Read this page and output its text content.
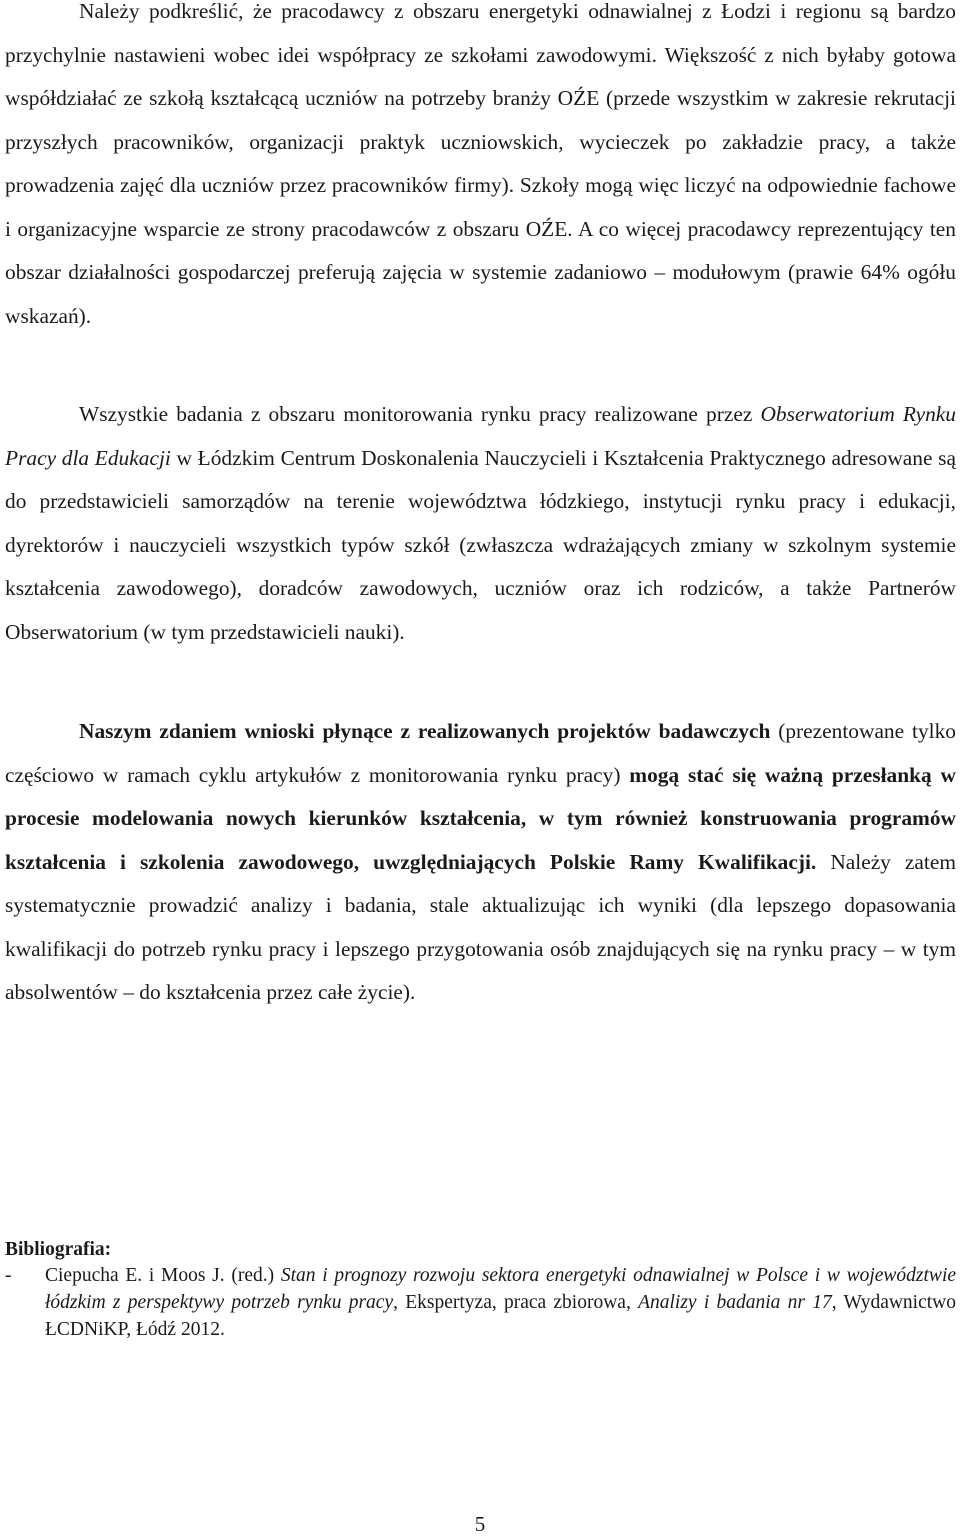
Należy podkreślić, że pracodawcy z obszaru energetyki odnawialnej z Łodzi i regionu są bardzo przychylnie nastawieni wobec idei współpracy ze szkołami zawodowymi. Większość z nich byłaby gotowa współdziałać ze szkołą kształcącą uczniów na potrzeby branży OŹE (przede wszystkim w zakresie rekrutacji przyszłych pracowników, organizacji praktyk uczniowskich, wycieczek po zakładzie pracy, a także prowadzenia zajęć dla uczniów przez pracowników firmy). Szkoły mogą więc liczyć na odpowiednie fachowe i organizacyjne wsparcie ze strony pracodawców z obszaru OŹE. A co więcej pracodawcy reprezentujący ten obszar działalności gospodarczej preferują zajęcia w systemie zadaniowo – modułowym (prawie 64% ogółu wskazań).

Wszystkie badania z obszaru monitorowania rynku pracy realizowane przez Obserwatorium Rynku Pracy dla Edukacji w Łódzkim Centrum Doskonalenia Nauczycieli i Kształcenia Praktycznego adresowane są do przedstawicieli samorządów na terenie województwa łódzkiego, instytucji rynku pracy i edukacji, dyrektorów i nauczycieli wszystkich typów szkół (zwłaszcza wdrażających zmiany w szkolnym systemie kształcenia zawodowego), doradców zawodowych, uczniów oraz ich rodziców, a także Partnerów Obserwatorium (w tym przedstawicieli nauki).

Naszym zdaniem wnioski płynące z realizowanych projektów badawczych (prezentowane tylko częściowo w ramach cyklu artykułów z monitorowania rynku pracy) mogą stać się ważną przesłanką w procesie modelowania nowych kierunków kształcenia, w tym również konstruowania programów kształcenia i szkolenia zawodowego, uwzględniających Polskie Ramy Kwalifikacji. Należy zatem systematycznie prowadzić analizy i badania, stale aktualizując ich wyniki (dla lepszego dopasowania kwalifikacji do potrzeb rynku pracy i lepszego przygotowania osób znajdujących się na rynku pracy – w tym absolwentów – do kształcenia przez całe życie).

Bibliografia:

- Ciepucha E. i Moos J. (red.) Stan i prognozy rozwoju sektora energetyki odnawialnej w Polsce i w województwie łódzkim z perspektywy potrzeb rynku pracy, Ekspertyza, praca zbiorowa, Analizy i badania nr 17, Wydawnictwo ŁCDNiKP, Łódź 2012.

5
